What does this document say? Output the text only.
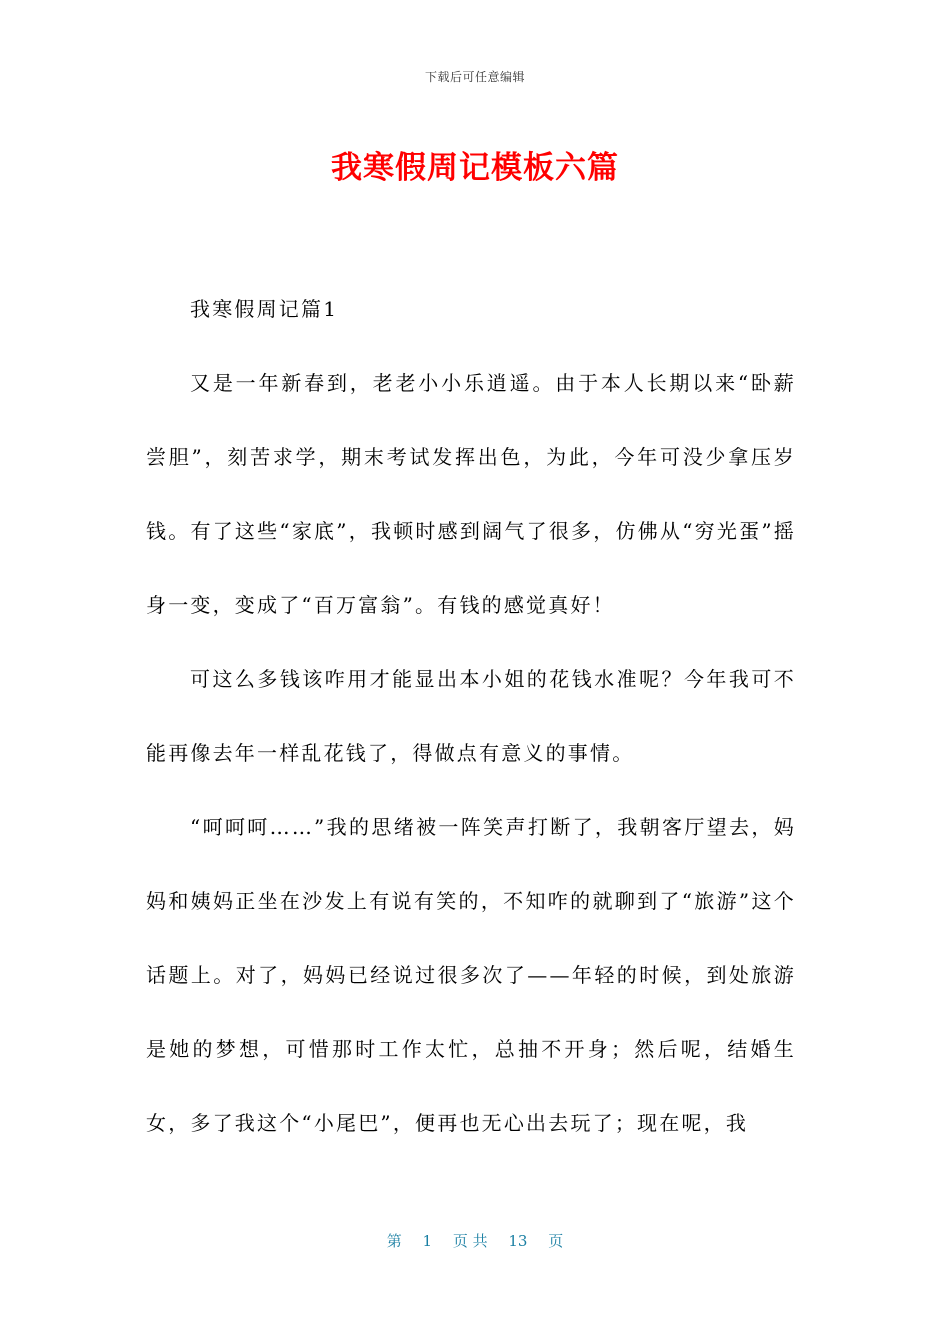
下载后可任意编辑
我寒假周记模板六篇

我寒假周记篇1

又是一年新春到，老老小小乐逍遥。由于本人长期以来“卧薪尝胆”，刻苦求学，期末考试发挥出色，为此，今年可没少拿压岁钱。有了这些“家底”，我顿时感到阔气了很多，仿佛从“穷光蛋”摇身一变，变成了“百万富翁”。有钱的感觉真好！

可这么多钱该咋用才能显出本小姐的花钱水准呢？今年我可不能再像去年一样乱花钱了，得做点有意义的事情。

“呵呵呵……”我的思绪被一阵笑声打断了，我朝客厅望去，妈妈和姨妈正坐在沙发上有说有笑的，不知咋的就聊到了“旅游”这个话题上。对了，妈妈已经说过很多次了——年轻的时候，到处旅游是她的梦想，可惜那时工作太忙，总抽不开身；然后呢，结婚生女，多了我这个“小尾巴”，便再也无心出去玩了；现在呢，我

第 1 页 共 13 页
